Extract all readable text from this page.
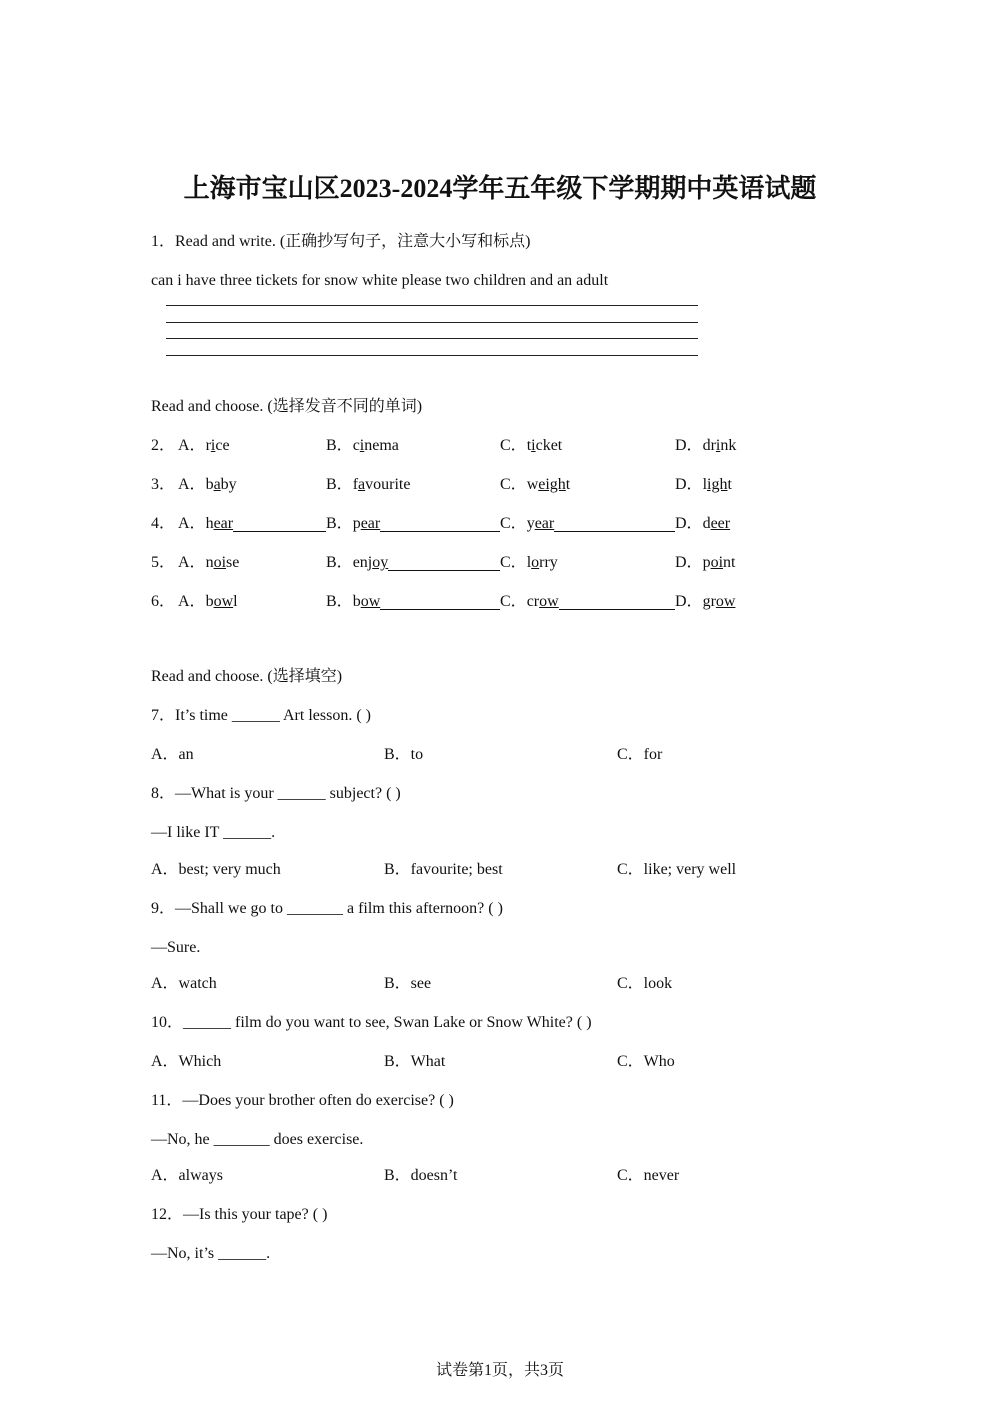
上海市宝山区2023-2024学年五年级下学期期中英语试题
1．Read and write. (正确抄写句子，注意大小写和标点)
can i have three tickets for snow white please two children and an adult
Read and choose. (选择发音不同的单词)
2． A．rice	B．cinema	C．ticket	D．drink
3． A．baby	B．favourite	C．weight	D．light
4． A．hear	B．pear	C．year	D．deer
5． A．noise	B．enjoy	C．lorry	D．point
6． A．bowl	B．bow	C．crow	D．grow
Read and choose. (选择填空)
7．It’s time ______ Art lesson. ( )
A．an	B．to	C．for
8．—What is your ______ subject? ( )
—I like IT ______.
A．best; very much	B．favourite; best	C．like; very well
9．—Shall we go to _______ a film this afternoon? ( )
—Sure.
A．watch	B．see	C．look
10．______ film do you want to see, Swan Lake or Snow White? ( )
A．Which	B．What	C．Who
11．—Does your brother often do exercise? ( )
—No, he _______ does exercise.
A．always	B．doesn’t	C．never
12．—Is this your tape? ( )
—No, it’s ______.
试卷第1页，共3页
